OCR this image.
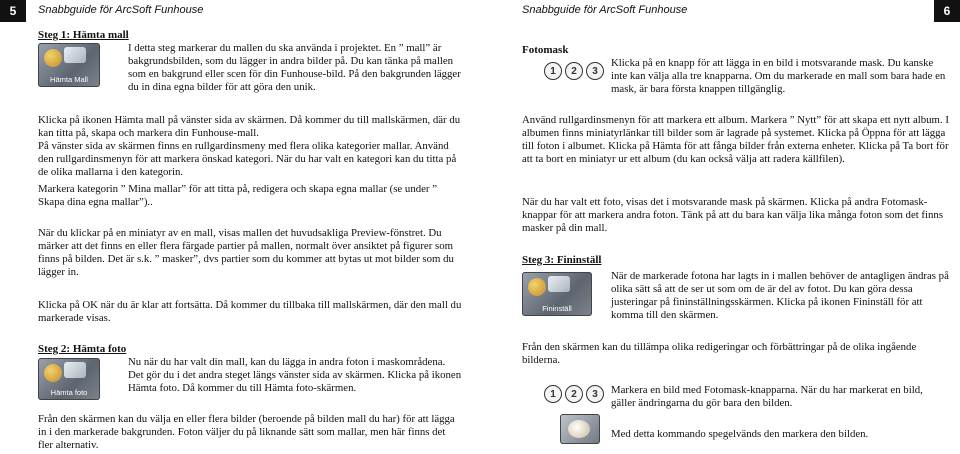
5	Snabbguide för ArcSoft Funhouse	Snabbguide för ArcSoft Funhouse	6
Steg 1: Hämta mall
Hämta Mall

I detta steg markerar du mallen du ska använda i projektet. En ” mall” är bakgrundsbilden, som du lägger in andra bilder på. Du kan tänka på mallen som en bakgrund eller scen för din Funhouse-bild. På den bakgrunden lägger du in dina egna bilder för att göra den unik.

Klicka på ikonen Hämta mall på vänster sida av skärmen. Då kommer du till mallskärmen, där du kan titta på, skapa och markera din Funhouse-mall.

På vänster sida av skärmen finns en rullgardinsmeny med flera olika kategorier mallar. Använd den rullgardinsmenyn för att markera önskad kategori. När du har valt en kategori kan du titta på de olika mallarna i den kategorin.

Markera kategorin ” Mina mallar” för att titta på, redigera och skapa egna mallar (se under ” Skapa dina egna mallar”)..

När du klickar på en miniatyr av en mall, visas mallen det huvudsakliga Preview-fönstret. Du märker att det finns en eller flera färgade partier på mallen, normalt över ansiktet på figurer som finns på bilden. Det är s.k. ” masker”, dvs partier som du kommer att bytas ut mot bilder som du lägger in.

Klicka på OK när du är klar att fortsätta. Då kommer du tillbaka till mallskärmen, där den mall du markerade visas.

Steg 2: Hämta foto
Hämta foto

Nu när du har valt din mall, kan du lägga in andra foton i maskområdena. Det gör du i det andra steget längs vänster sida av skärmen. Klicka på ikonen Hämta foto. Då kommer du till Hämta foto-skärmen.

Från den skärmen kan du välja en eller flera bilder (beroende på bilden mall du har) för att lägga in i den markerade bakgrunden. Foton väljer du på liknande sätt som mallar, men här finns det fler alternativ.

Fotomask
1	2	3

Klicka på en knapp för att lägga in en bild i motsvarande mask. Du kanske inte kan välja alla tre knapparna. Om du markerade en mall som bara hade en mask, är bara första knappen tillgänglig.

Använd rullgardinsmenyn för att markera ett album. Markera ” Nytt” för att skapa ett nytt album. I albumen finns miniatyrlänkar till bilder som är lagrade på systemet. Klicka på Öppna för att lägga till foton i albumet. Klicka på Hämta för att fånga bilder från externa enheter. Klicka på Ta bort för att ta bort en miniatyr ur ett album (du kan också välja att radera källfilen).

När du har valt ett foto, visas det i motsvarande mask på skärmen. Klicka på andra Fotomask-knappar för att markera andra foton. Tänk på att du bara kan välja lika många foton som det finns masker på din mall.

Steg 3: Fininställ
Fininställ

När de markerade fotona har lagts in i mallen behöver de antagligen ändras på olika sätt så att de ser ut som om de är del av fotot. Du kan göra dessa justeringar på fininställningsskärmen. Klicka på ikonen Fininställ för att komma till den skärmen.

Från den skärmen kan du tillämpa olika redigeringar och förbättringar på de olika ingående bilderna.

1	2	3	Markera en bild med Fotomask-knapparna. När du har markerat en bild, gäller ändringarna du gör bara den bilden.

Med detta kommando spegelvänds den markera den bilden.
